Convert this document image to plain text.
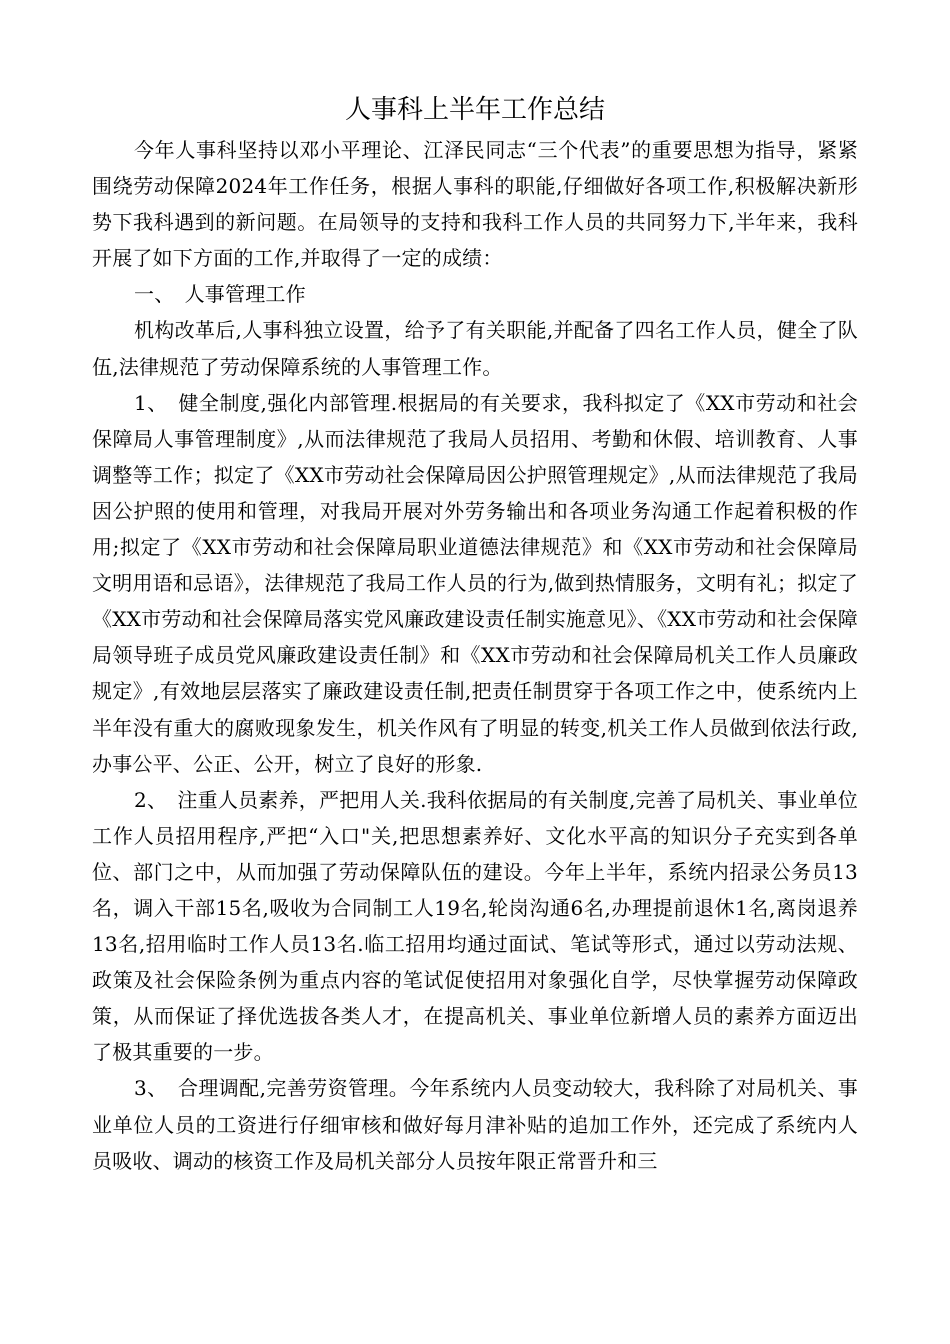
人事科上半年工作总结

今年人事科坚持以邓小平理论、江泽民同志“三个代表”的重要思想为指导，紧紧围绕劳动保障2024年工作任务，根据人事科的职能,仔细做好各项工作,积极解决新形势下我科遇到的新问题。在局领导的支持和我科工作人员的共同努力下,半年来，我科开展了如下方面的工作,并取得了一定的成绩：

一、　人事管理工作

机构改革后,人事科独立设置，给予了有关职能,并配备了四名工作人员，健全了队伍,法律规范了劳动保障系统的人事管理工作。

1、　健全制度,强化内部管理.根据局的有关要求，我科拟定了《XX市劳动和社会保障局人事管理制度》,从而法律规范了我局人员招用、考勤和休假、培训教育、人事调整等工作；拟定了《XX市劳动社会保障局因公护照管理规定》,从而法律规范了我局因公护照的使用和管理，对我局开展对外劳务输出和各项业务沟通工作起着积极的作用;拟定了《XX市劳动和社会保障局职业道德法律规范》和《XX市劳动和社会保障局文明用语和忌语》，法律规范了我局工作人员的行为,做到热情服务，文明有礼；拟定了《XX市劳动和社会保障局落实党风廉政建设责任制实施意见》、《XX市劳动和社会保障局领导班子成员党风廉政建设责任制》和《XX市劳动和社会保障局机关工作人员廉政规定》,有效地层层落实了廉政建设责任制,把责任制贯穿于各项工作之中，使系统内上半年没有重大的腐败现象发生，机关作风有了明显的转变,机关工作人员做到依法行政,办事公平、公正、公开，树立了良好的形象.

2、　注重人员素养，严把用人关.我科依据局的有关制度,完善了局机关、事业单位工作人员招用程序,严把“入口"关,把思想素养好、文化水平高的知识分子充实到各单位、部门之中，从而加强了劳动保障队伍的建设。今年上半年，系统内招录公务员13名，调入干部15名,吸收为合同制工人19名,轮岗沟通6名,办理提前退休1名,离岗退养13名,招用临时工作人员13名.临工招用均通过面试、笔试等形式，通过以劳动法规、政策及社会保险条例为重点内容的笔试促使招用对象强化自学，尽快掌握劳动保障政策，从而保证了择优选拔各类人才，在提高机关、事业单位新增人员的素养方面迈出了极其重要的一步。

3、　合理调配,完善劳资管理。今年系统内人员变动较大，我科除了对局机关、事业单位人员的工资进行仔细审核和做好每月津补贴的追加工作外，还完成了系统内人员吸收、调动的核资工作及局机关部分人员按年限正常晋升和三
